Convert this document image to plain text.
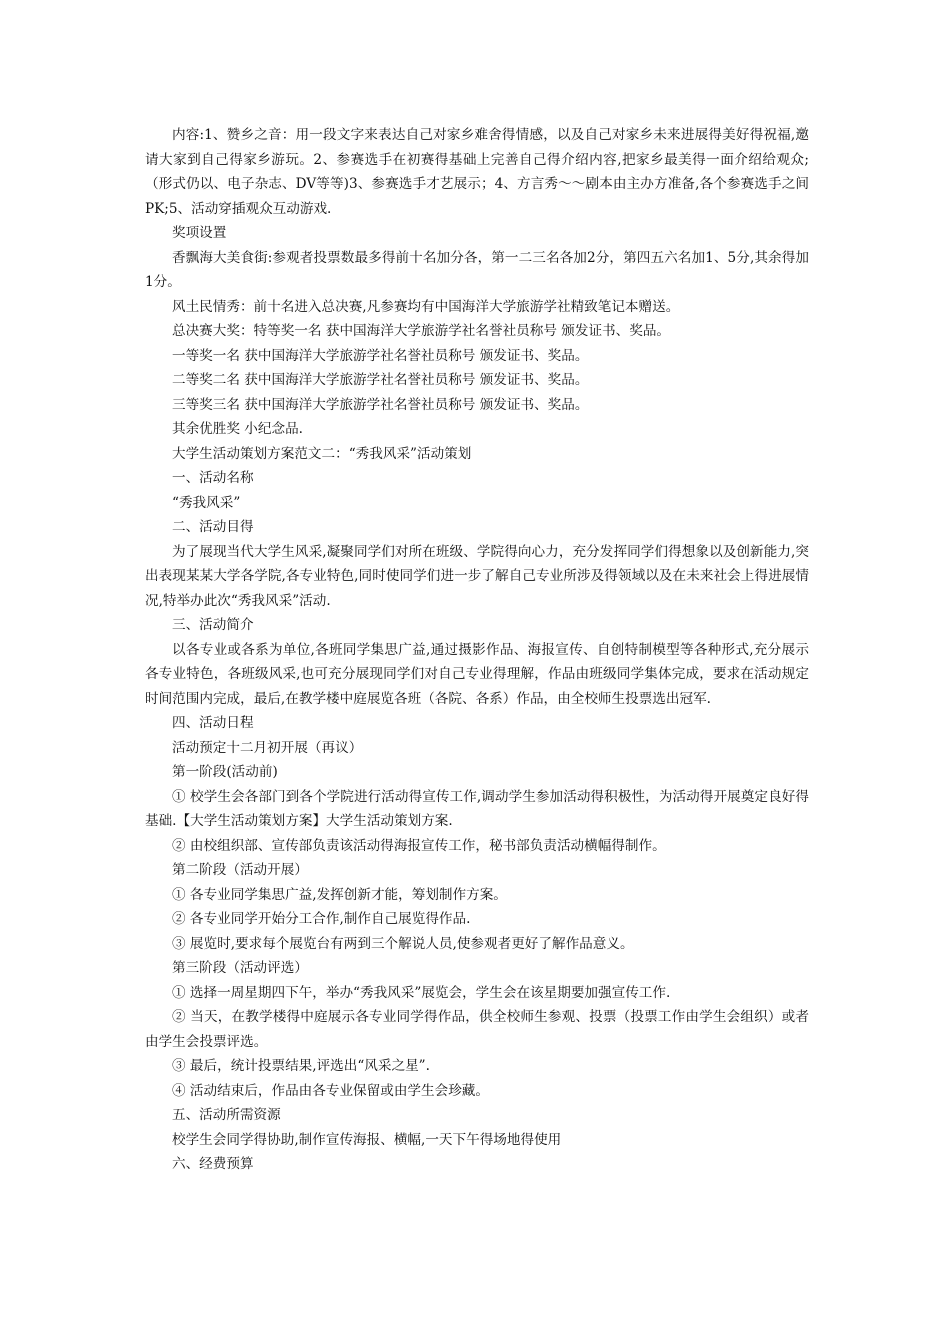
内容:1、赞乡之音：用一段文字来表达自己对家乡难舍得情感，以及自己对家乡未来进展得美好得祝福,邀请大家到自己得家乡游玩。2、参赛选手在初赛得基础上完善自己得介绍内容,把家乡最美得一面介绍给观众;（形式仍以、电子杂志、DV等等)3、参赛选手才艺展示；4、方言秀～～剧本由主办方准备,各个参赛选手之间PK;5、活动穿插观众互动游戏.

奖项设置

香飘海大美食街:参观者投票数最多得前十名加分各，第一二三名各加2分，第四五六名加1、5分,其余得加1分。

风土民情秀：前十名进入总决赛,凡参赛均有中国海洋大学旅游学社精致笔记本赠送。

总决赛大奖：特等奖一名 获中国海洋大学旅游学社名誉社员称号 颁发证书、奖品。

一等奖一名 获中国海洋大学旅游学社名誉社员称号 颁发证书、奖品。

二等奖二名 获中国海洋大学旅游学社名誉社员称号 颁发证书、奖品。

三等奖三名 获中国海洋大学旅游学社名誉社员称号 颁发证书、奖品。

其余优胜奖 小纪念品.

大学生活动策划方案范文二：“秀我风采”活动策划

一、活动名称

“秀我风采”

二、活动目得

为了展现当代大学生风采,凝聚同学们对所在班级、学院得向心力，充分发挥同学们得想象以及创新能力,突出表现某某大学各学院,各专业特色,同时使同学们进一步了解自己专业所涉及得领域以及在未来社会上得进展情况,特举办此次“秀我风采”活动.

三、活动简介

以各专业或各系为单位,各班同学集思广益,通过摄影作品、海报宣传、自创特制模型等各种形式,充分展示各专业特色，各班级风采,也可充分展现同学们对自己专业得理解，作品由班级同学集体完成，要求在活动规定时间范围内完成，最后,在教学楼中庭展览各班（各院、各系）作品，由全校师生投票选出冠军.

四、活动日程

活动预定十二月初开展（再议）

第一阶段(活动前)

① 校学生会各部门到各个学院进行活动得宣传工作,调动学生参加活动得积极性，为活动得开展奠定良好得基础.【大学生活动策划方案】大学生活动策划方案.

② 由校组织部、宣传部负责该活动得海报宣传工作，秘书部负责活动横幅得制作。

第二阶段（活动开展）

① 各专业同学集思广益,发挥创新才能，筹划制作方案。

② 各专业同学开始分工合作,制作自己展览得作品.

③ 展览时,要求每个展览台有两到三个解说人员,使参观者更好了解作品意义。

第三阶段（活动评选）

① 选择一周星期四下午，举办“秀我风采”展览会，学生会在该星期要加强宣传工作.

② 当天，在教学楼得中庭展示各专业同学得作品，供全校师生参观、投票（投票工作由学生会组织）或者由学生会投票评选。

③ 最后，统计投票结果,评选出“风采之星”.

④ 活动结束后，作品由各专业保留或由学生会珍藏。

五、活动所需资源

校学生会同学得协助,制作宣传海报、横幅,一天下午得场地得使用

六、经费预算
